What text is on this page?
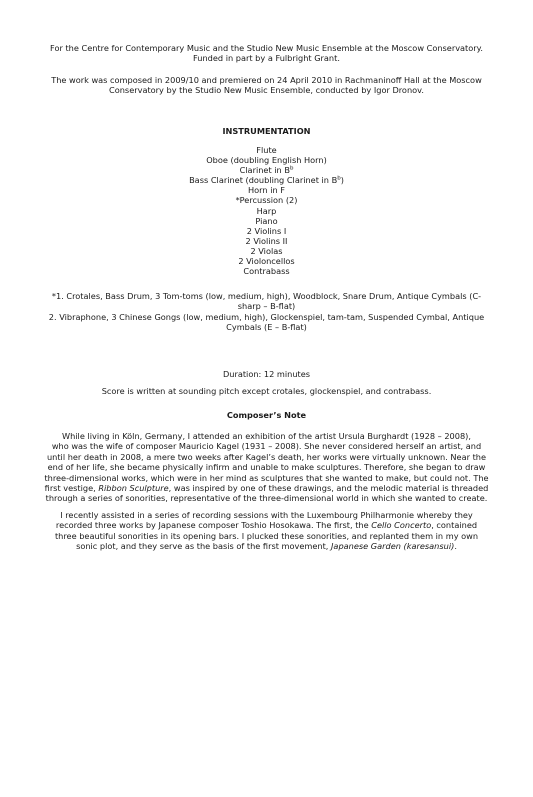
For the Centre for Contemporary Music and the Studio New Music Ensemble at the Moscow Conservatory.
Funded in part by a Fulbright Grant.
The work was composed in 2009/10 and premiered on 24 April 2010 in Rachmaninoff Hall at the Moscow
Conservatory by the Studio New Music Ensemble, conducted by Igor Dronov.
INSTRUMENTATION
Flute
Oboe (doubling English Horn)
Clarinet in $B^b$
Bass Clarinet (doubling Clarinet in $B^b$)
Horn in F
*Percussion (2)
Harp
Piano
2 Violins I
2 Violins II
2 Violas
2 Violoncellos
Contrabass
*1. Crotales, Bass Drum, 3 Tom-toms (low, medium, high), Woodblock, Snare Drum, Antique Cymbals (C-
sharp – B-flat)
2. Vibraphone, 3 Chinese Gongs (low, medium, high), Glockenspiel, tam-tam, Suspended Cymbal, Antique
Cymbals (E – B-flat)
Duration: 12 minutes
Score is written at sounding pitch except crotales, glockenspiel, and contrabass.
Composer’s Note
While living in Köln, Germany, I attended an exhibition of the artist Ursula Burghardt (1928 – 2008),
who was the wife of composer Mauricio Kagel (1931 – 2008). She never considered herself an artist, and
until her death in 2008, a mere two weeks after Kagel’s death, her works were virtually unknown. Near the
end of her life, she became physically infirm and unable to make sculptures. Therefore, she began to draw
three-dimensional works, which were in her mind as sculptures that she wanted to make, but could not. The
first vestige, Ribbon Sculpture, was inspired by one of these drawings, and the melodic material is threaded
through a series of sonorities, representative of the three-dimensional world in which she wanted to create.
I recently assisted in a series of recording sessions with the Luxembourg Philharmonie whereby they
recorded three works by Japanese composer Toshio Hosokawa. The first, the Cello Concerto, contained
three beautiful sonorities in its opening bars. I plucked these sonorities, and replanted them in my own
sonic plot, and they serve as the basis of the first movement, Japanese Garden (karesansui).
